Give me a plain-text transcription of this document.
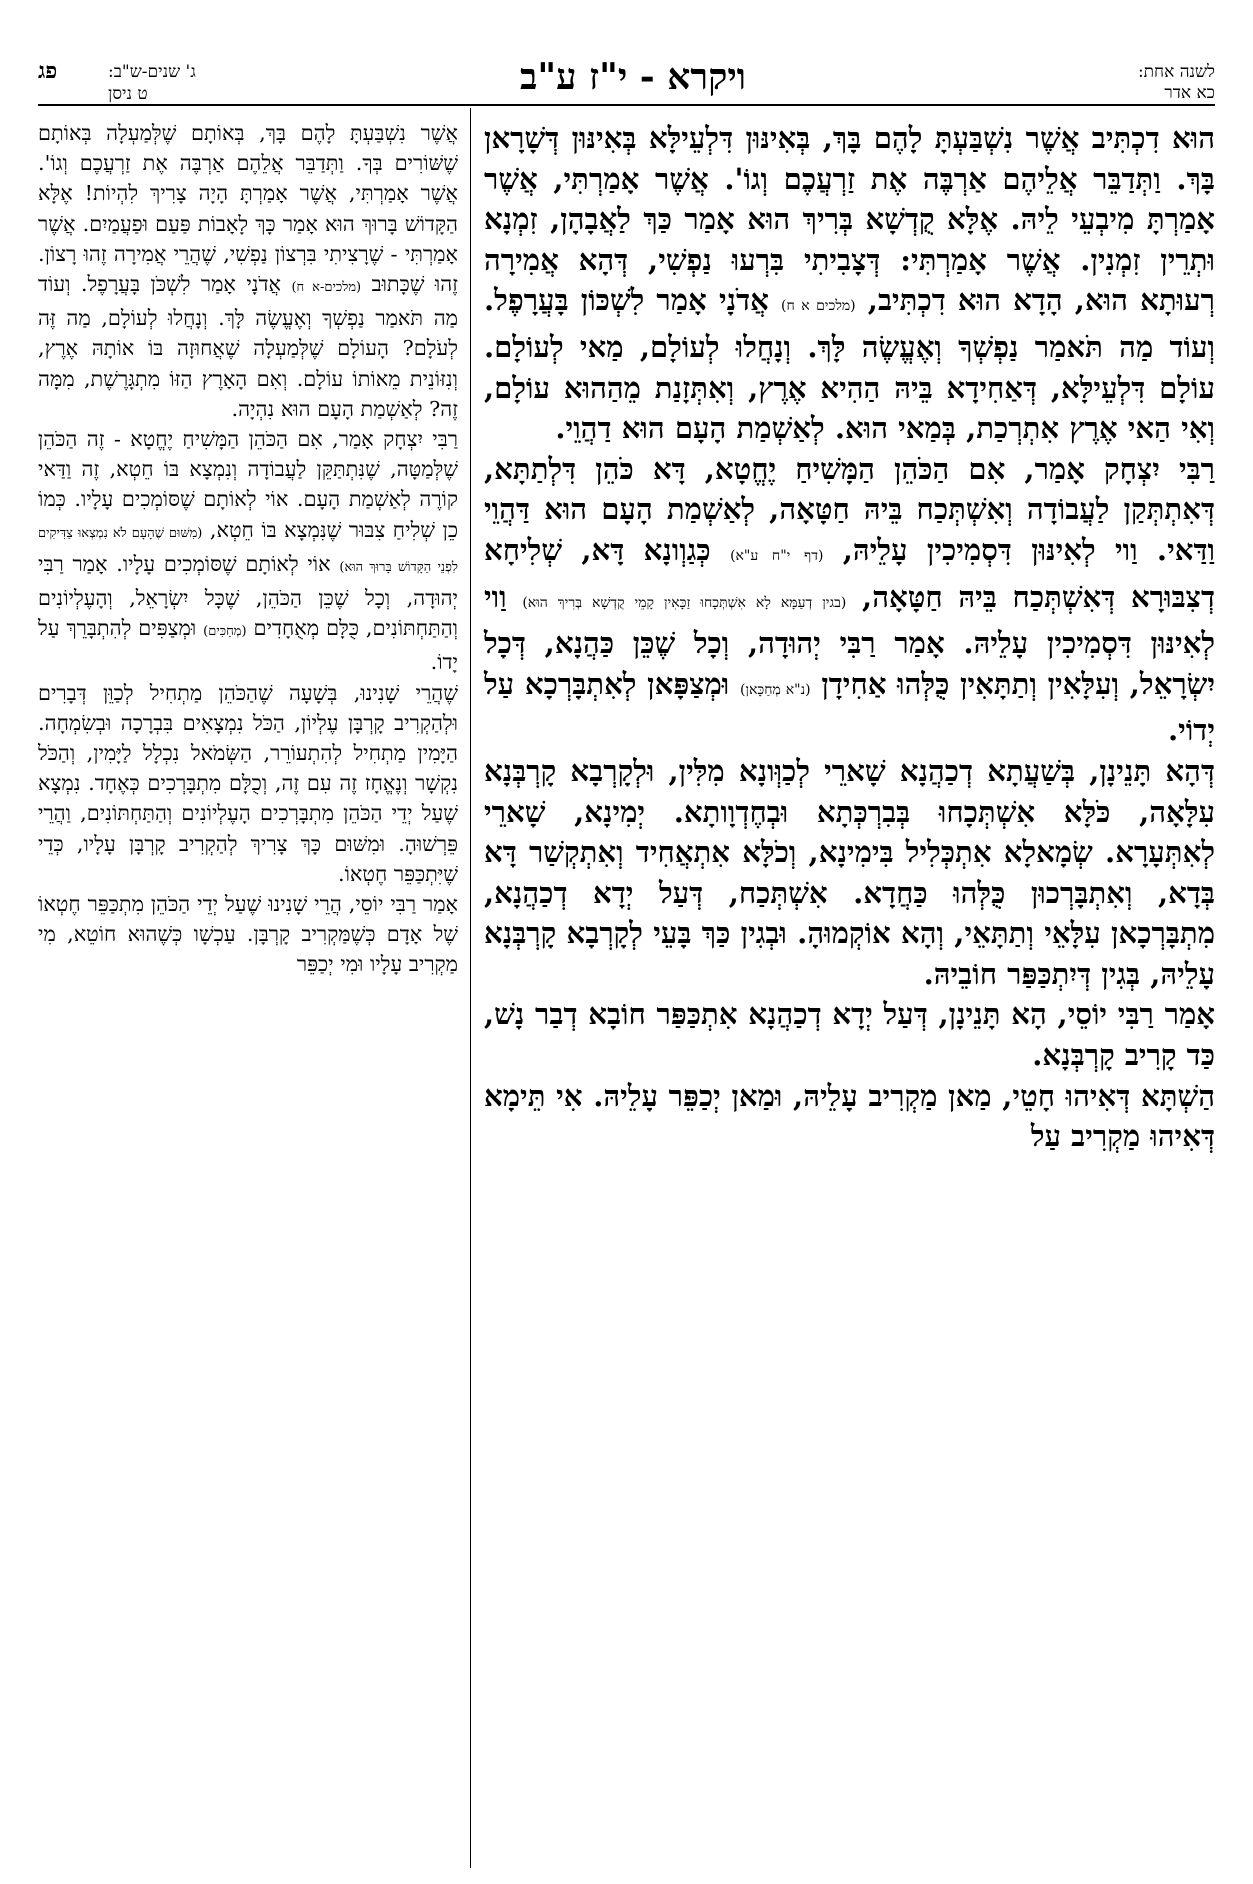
פג	ג' שנים-ש"ב:
ט ניסן	ויקרא - י"ז ע"ב	לשנה אחת:
כא אדר

הוּא דִכְתִּיב אֲשֶׁר נִשְׁבַּעְתָּ לָהֶם בָּךְ, בְּאִינּוּן דִּלְעֵילָּא בְּאִינּוּן דְּשָׁרָאן בָּךְ. וַתְּדַבֵּר אֲלֵיהֶם אַרְבֶּה אֶת זַרְעֲכֶם וְגוֹ'. אֲשֶׁר אָמַרְתִּי, אֲשֶׁר אָמַרְתָּ מִיבְעֵי לֵיהּ. אֶלָּא קֻדְשָׁא בְּרִיךְ הוּא אָמַר כַּךְ לַאֲבָהָן, זִמְנָא וּתְרֵין זִמְנִין. אֲשֶׁר אָמַרְתִּי: דְּצָבִיתִי בִּרְעוּ נַפְשִׁי, דְּהָא אֲמִירָה רְעוּתָא הוּא, הָדָא הוּא דִכְתִּיב, (מלכים א ח) אֲדֹנָי אָמַר לִשְׁכּוֹן בָּעֲרָפֶל. וְעוֹד מַה תֹּאמַר נַפְשְׁךָ וְאֶעֱשֶׂה לָּךְ. וְנָחֲלוּ לְעוֹלָם, מַאי לְעוֹלָם. עוֹלָם דִּלְעֵילָּא, דְּאַחִידָא בֵּיהּ הַהִיא אֶרֶץ, וְאִתְּזָנַת מֵהַהוּא עוֹלָם, וְאִי הַאי אֶרֶץ אִתְרְכַת, בְּמַאי הוּא. לְאַשְׁמַת הָעָם הוּא דַהֲוֵי.

רַבִּי יִצְחָק אָמַר, אִם הַכֹּהֵן הַמָּשִׁיחַ יֶחֱטָא, דָּא כֹּהֵן דִּלְתַתָּא, דְּאִתְתְּקַן לַעֲבוֹדָה וְאִשְׁתְּכַח בֵּיהּ חַטָּאָה, לְאַשְׁמַת הָעָם הוּא דַּהֲוֵי וַדַּאי. וַוי לְאִינּוּן דִּסְמִיכִין עָלֵיהּ, (דף י"ח ע"א) כְּגַוְונָא דָּא, שְׁלִיחָא דְצִבּוּרָא דְּאִשְׁתְּכַח בֵּיהּ חַטָּאָה, (בגין דְעַמָּא לָא אִשְׁתְּכָחוּ זַכָּאִין קָמֵי קֻדְשָׁא בְּרִיךְ הוּא) וַוי לְאִינּוּן דִּסְמִיכִין עָלֵיהּ. אָמַר רַבִּי יְהוּדָה, וְכָל שֶׁכֵּן כַּהֲנָא, דְּכָל יִשְׂרָאֵל, וְעִלָּאִין וְתַתָּאִין כֻּלְּהוּ אַחִידָן (נ"א מְחַכָּאן) וּמְצַפָּאן לְאִתְבָּרְכָא עַל יְדוֹי.

דְּהָא תָּנֵינָן, בְּשַׁעֲתָא דְכַהֲנָא שָׁארֵי לְכַוְּונָא מִלִּין, וּלְקָרְבָא קָרְבְּנָא עִלָּאָה, כֹּלָּא אִשְׁתְּכָחוּ בְּבִרְכְּתָא וּבְחֶדְוָותָא. יְמִינָא, שָׁארֵי לְאִתְּעָרָא. שְׂמָאלָא אִתְכְּלִיל בִּימִינָא, וְכֹלָּא אִתְאֲחִיד וְאִתְקְשַׁר דָּא בְּדָא, וְאִתְבָּרְכוּן כֻּלְּהוּ כַּחֲדָא. אִשְׁתְּכַח, דְּעַל יְדָא דְכַהֲנָא, מִתְבָּרְכָאן עִלָּאֵי וְתַתָּאֵי, וְהָא אוֹקְמוּהָ. וּבְגִין כַּךְ בָּעֵי לְקָרְבָא קָרְבְּנָא עָלֵיהּ, בְּגִין דְּיִתְכַּפַּר חוֹבֵיהּ.

אָמַר רַבִּי יוֹסֵי, הָא תָּנֵינָן, דְּעַל יְדָא דְכַהֲנָא אִתְכַּפַּר חוֹבָא דְבַר נָשׁ, כַּד קָרִיב קָרְבְּנָא.

הַשְׁתָּא דְּאִיהוּ חָטֵי, מַאן מַקְרִיב עָלֵיהּ, וּמַאן יְכַפֵּר עָלֵיהּ. אִי תֵּימָא דְּאִיהוּ מַקְרִיב עַל

אֲשֶׁר נִשְׁבַּעְתָּ לָהֶם בָּךְ, בְּאוֹתָם שֶׁלְּמַעְלָה בְּאוֹתָם שֶׁשּׁוֹרִים בְּךָ. וַתְּדַבֵּר אֲלֵהֶם אַרְבֶּה אֶת זַרְעֲכֶם וְגוֹ'. אֲשֶׁר אָמַרְתִּי, אֲשֶׁר אָמַרְתָּ הָיָה צָרִיךְ לִהְיוֹת! אֶלָּא הַקָּדוֹשׁ בָּרוּךְ הוּא אָמַר כָּךְ לָאָבוֹת פַּעַם וּפַעֲמַיִם. אֲשֶׁר אָמַרְתִּי - שֶׁרָצִיתִי בִּרְצוֹן נַפְשִׁי, שֶׁהֲרֵי אֲמִירָה זֶהוּ רָצוֹן. זֶהוּ שֶׁכָּתוּב (מלכים-א ח) אֲדֹנָי אָמַר לִשְׁכֹּן בָּעֲרָפֶל. וְעוֹד מַה תֹּאמַר נַפְשְׁךָ וְאֶעֱשֶׂה לָּךְ. וְנָחֲלוּ לְעוֹלָם, מַה זֶּה לְעֹלָם? הָעוֹלָם שֶׁלְּמַעְלָה שֶׁאֲחוּזָה בּוֹ אוֹתָהּ אֶרֶץ, וְנִזּוֹנֵית מֵאוֹתוֹ עוֹלָם. וְאִם הָאָרֶץ הַזּוֹ מִתְגָּרֶשֶׁת, מִמָּה זֶה? לְאַשְׁמַת הָעָם הוּא נִהְיָה.

רַבִּי יִצְחָק אָמַר, אִם הַכֹּהֵן הַמָּשִׁיחַ יֶחֱטָא - זֶה הַכֹּהֵן שֶׁלְּמַטָּה, שֶׁנִּתְתַּקֵּן לַעֲבוֹדָה וְנִמְצָא בּוֹ חֵטְא, זֶה וַדַּאי קוֹרֶה לְאַשְׁמַת הָעָם. אוֹי לְאוֹתָם שֶׁסּוֹמְכִים עָלָיו. כְּמוֹ כֵן שְׁלִיחַ צִבּוּר שֶׁנִּמְצָא בּוֹ חֵטְא, (מִשּׁוּם שֶׁהָעָם לֹא נִמְצְאוּ צַדִּיקִים לִפְנֵי הַקָּדוֹשׁ בָּרוּךְ הוּא) אוֹי לְאוֹתָם שֶׁסּוֹמְכִים עָלָיו. אָמַר רַבִּי יְהוּדָה, וְכָל שֶׁכֵּן הַכֹּהֵן, שֶׁכָּל יִשְׂרָאֵל, וְהָעֶלְיוֹנִים וְהַתַּחְתּוֹנִים, כֻּלָּם מְאֻחָדִים (מְחַכִּים) וּמְצַפִּים לְהִתְבָּרֵךְ עַל יָדוֹ.

שֶׁהֲרֵי שָׁנִינוּ, בְּשָׁעָה שֶׁהַכֹּהֵן מַתְחִיל לְכַוֵּן דְּבָרִים וּלְהַקְרִיב קָרְבָּן עֶלְיוֹן, הַכֹּל נִמְצָאִים בִּבְרָכָה וּבְשִׂמְחָה. הַיָּמִין מַתְחִיל לְהִתְעוֹרֵר, הַשְּׂמֹאל נִכְלָל לַיָּמִין, וְהַכֹּל נִקְשָׁר וְנֶאֱחָז זֶה עִם זֶה, וְכֻלָּם מִתְבָּרְכִים כְּאֶחָד. נִמְצָא שֶׁעַל יְדֵי הַכֹּהֵן מִתְבָּרְכִים הָעֶלְיוֹנִים וְהַתַּחְתּוֹנִים, וַהֲרֵי פֵּרְשׁוּהָ. וּמִשּׁוּם כָּךְ צָרִיךְ לְהַקְרִיב קָרְבָּן עָלָיו, כְּדֵי שֶׁיִּתְכַּפֵּר חֶטְאוֹ.

אָמַר רַבִּי יוֹסֵי, הֲרֵי שָׁנִינוּ שֶׁעַל יְדֵי הַכֹּהֵן מִתְכַּפֵּר חֶטְאוֹ שֶׁל אָדָם כְּשֶׁמַּקְרִיב קָרְבָּן. עַכְשָׁו כְּשֶׁהוּא חוֹטֵא, מִי מַקְרִיב עָלָיו וּמִי יְכַפֵּר
